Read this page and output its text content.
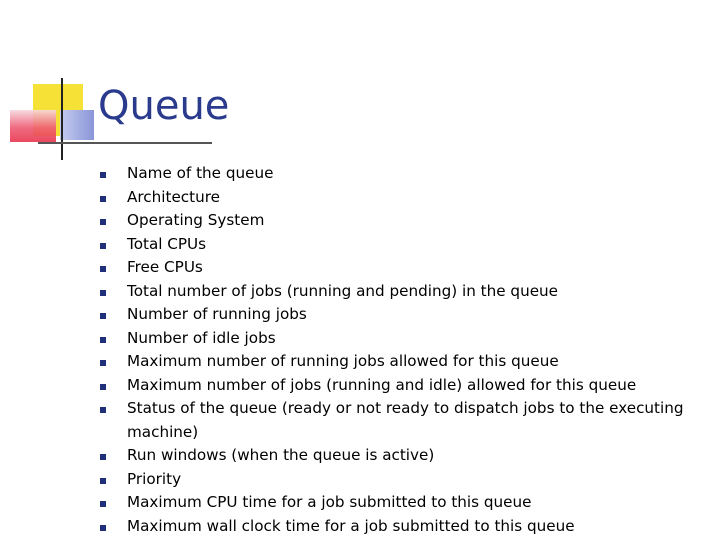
Queue
Name of the queue
Architecture
Operating System
Total CPUs
Free CPUs
Total number of jobs (running and pending) in the queue
Number of running jobs
Number of idle jobs
Maximum number of running jobs allowed for this queue
Maximum number of jobs (running and idle) allowed for this queue
Status of the queue (ready or not ready to dispatch jobs to the executing machine)
Run windows (when the queue is active)
Priority
Maximum CPU time for a job submitted to this queue
Maximum wall clock time for a job submitted to this queue
